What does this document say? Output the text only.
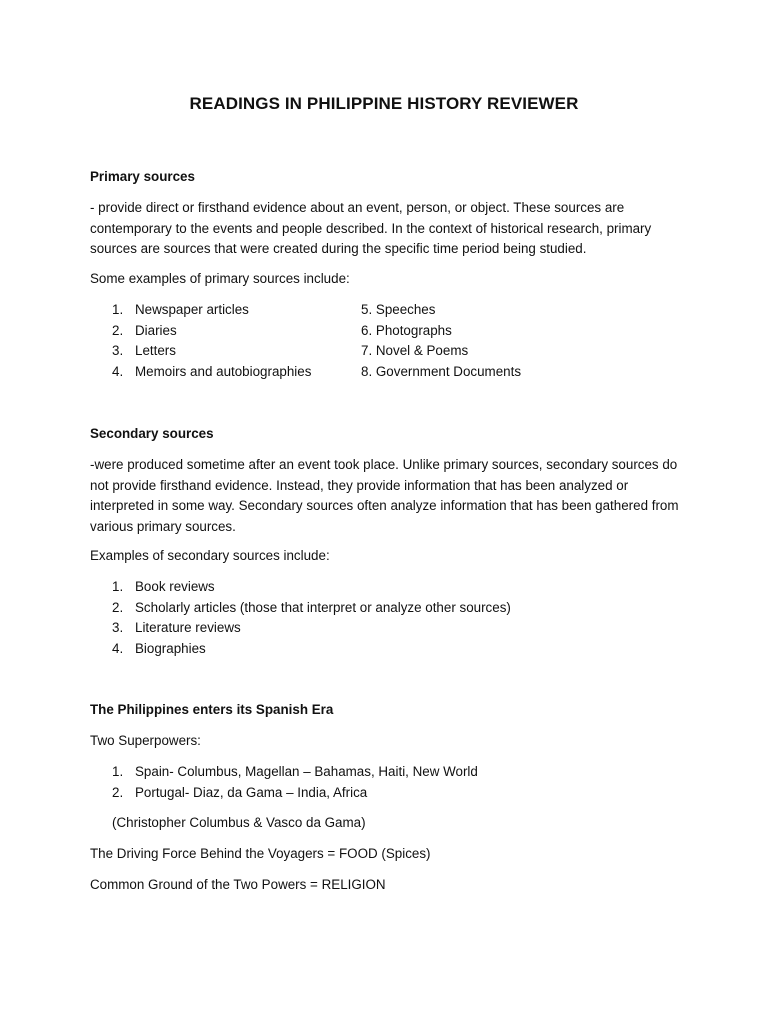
READINGS IN PHILIPPINE HISTORY REVIEWER
Primary sources
- provide direct or firsthand evidence about an event, person, or object. These sources are contemporary to the events and people described. In the context of historical research, primary sources are sources that were created during the specific time period being studied.
Some examples of primary sources include:
1. Newspaper articles
2. Diaries
3. Letters
4. Memoirs and autobiographies
5. Speeches
6. Photographs
7. Novel & Poems
8. Government Documents
Secondary sources
-were produced sometime after an event took place. Unlike primary sources, secondary sources do not provide firsthand evidence. Instead, they provide information that has been analyzed or interpreted in some way. Secondary sources often analyze information that has been gathered from various primary sources.
Examples of secondary sources include:
1. Book reviews
2. Scholarly articles (those that interpret or analyze other sources)
3. Literature reviews
4. Biographies
The Philippines enters its Spanish Era
Two Superpowers:
1. Spain- Columbus, Magellan – Bahamas, Haiti, New World
2. Portugal- Diaz, da Gama – India, Africa
(Christopher Columbus & Vasco da Gama)
The Driving Force Behind the Voyagers = FOOD (Spices)
Common Ground of the Two Powers = RELIGION
